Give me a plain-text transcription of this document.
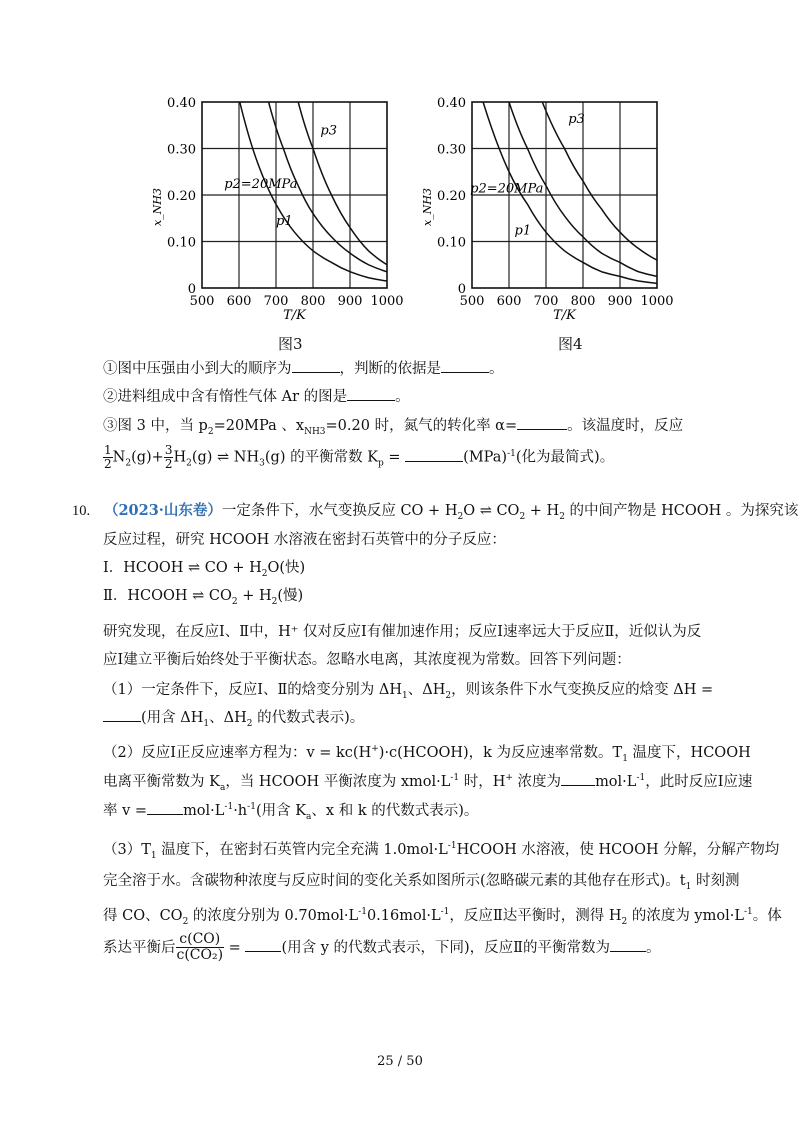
500 600 700 800 900 1000
0
0.10
0.20
0.30
0.40
T/K
x_NH3	p1
p2=20MPa
p3
500 600 700 800 900 1000
0
0.10
0.20
0.30
0.40
T/K
x_NH3
p1
p2=20MPa
p3
图3	图4
①图中压强由小到大的顺序为	，判断的依据是	。
②进料组成中含有惰性气体 Ar 的图是	。
③图 3 中，当 $p_2=20MPa$ 、$x_{NH3}=0.20$ 时，氮气的转化率 α=	。该温度时，反应
$\frac{1}{2} N_2(g)+ \frac{3}{2} H_2(g)$ ⇌ $NH_3(g)$ 的平衡常数 $K_p$ =	(MPa)$^{-1}$(化为最简式)。
10. （2023·山东卷）一定条件下，水气变换反应 CO + $H_2O$ ⇌ $CO_2 + H_2$ 的中间产物是 HCOOH 。为探究该
反应过程，研究 HCOOH 水溶液在密封石英管中的分子反应：
Ⅰ．HCOOH ⇌ CO + $H_2O$(快)
Ⅱ．HCOOH ⇌ $CO_2 + H_2$(慢)
研究发现，在反应Ⅰ、Ⅱ中，H⁺ 仅对反应Ⅰ有催加速作用；反应Ⅰ速率远大于反应Ⅱ，近似认为反
应Ⅰ建立平衡后始终处于平衡状态。忽略水电离，其浓度视为常数。回答下列问题：
（1）一定条件下，反应Ⅰ、Ⅱ的焓变分别为 $\Delta H_1$、$\Delta H_2$，则该条件下水气变换反应的焓变 ΔH =
(用含 $\Delta H_1$、$\Delta H_2$ 的代数式表示)。
（2）反应Ⅰ正反应速率方程为：v = kc(H+)·c(HCOOH)，k 为反应速率常数。$T_1$ 温度下，HCOOH
电离平衡常数为 $K_a$，当 HCOOH 平衡浓度为 $xmol\cdot L^{-1}$ 时，H+ 浓度为 $mol\cdot L^{-1}$，此时反应Ⅰ应速
率 $v = mol\cdot L^{-1}\cdot h^{-1}$(用含 $K_a$、x 和 k 的代数式表示)。
$(3)T_1$ 温度下，在密封石英管内完全充满 $1.0mol\cdot L^{-1}HCOOH$ 水溶液，使 HCOOH 分解，分解产物均
完全溶于水。含碳物种浓度与反应时间的变化关系如图所示(忽略碳元素的其他存在形式)。$t_1$ 时刻测
得 CO、$CO_2$ 的浓度分别为 $0.70mol\cdot L^{-1}0.16mol\cdot L^{-1}$，反应Ⅱ达平衡时，测得 $H_2$ 的浓度为 $ymol\cdot L^{-1}$。体
系达平衡后 $\frac{c(CO)}{\text{c(CO₂)}}$ = (用含 y 的代数式表示，下同)，反应Ⅱ的平衡常数为 。
25 / 50
